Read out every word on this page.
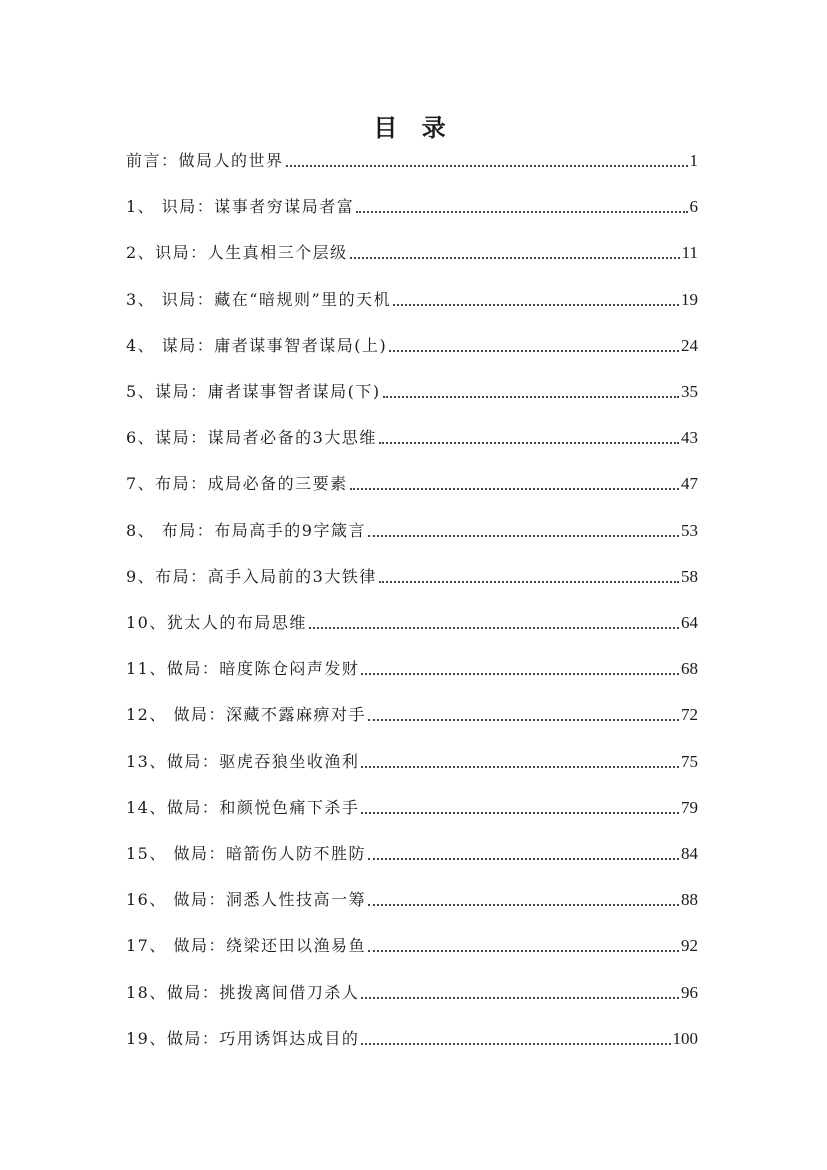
目 录
前言：做局人的世界	1
1、 识局：谋事者穷谋局者富	6
2、识局：人生真相三个层级	11
3、 识局：藏在“暗规则”里的天机	19
4、 谋局：庸者谋事智者谋局(上)	24
5、谋局：庸者谋事智者谋局(下)	35
6、谋局：谋局者必备的3大思维	43
7、布局：成局必备的三要素	47
8、 布局：布局高手的9字箴言	53
9、布局：高手入局前的3大铁律	58
10、犹太人的布局思维	64
11、做局：暗度陈仓闷声发财	68
12、 做局：深藏不露麻痹对手	72
13、做局：驱虎吞狼坐收渔利	75
14、做局：和颜悦色痛下杀手	79
15、 做局：暗箭伤人防不胜防	84
16、 做局：洞悉人性技高一筹	88
17、 做局：绕梁还田以渔易鱼	92
18、做局：挑拨离间借刀杀人	96
19、做局：巧用诱饵达成目的	100
